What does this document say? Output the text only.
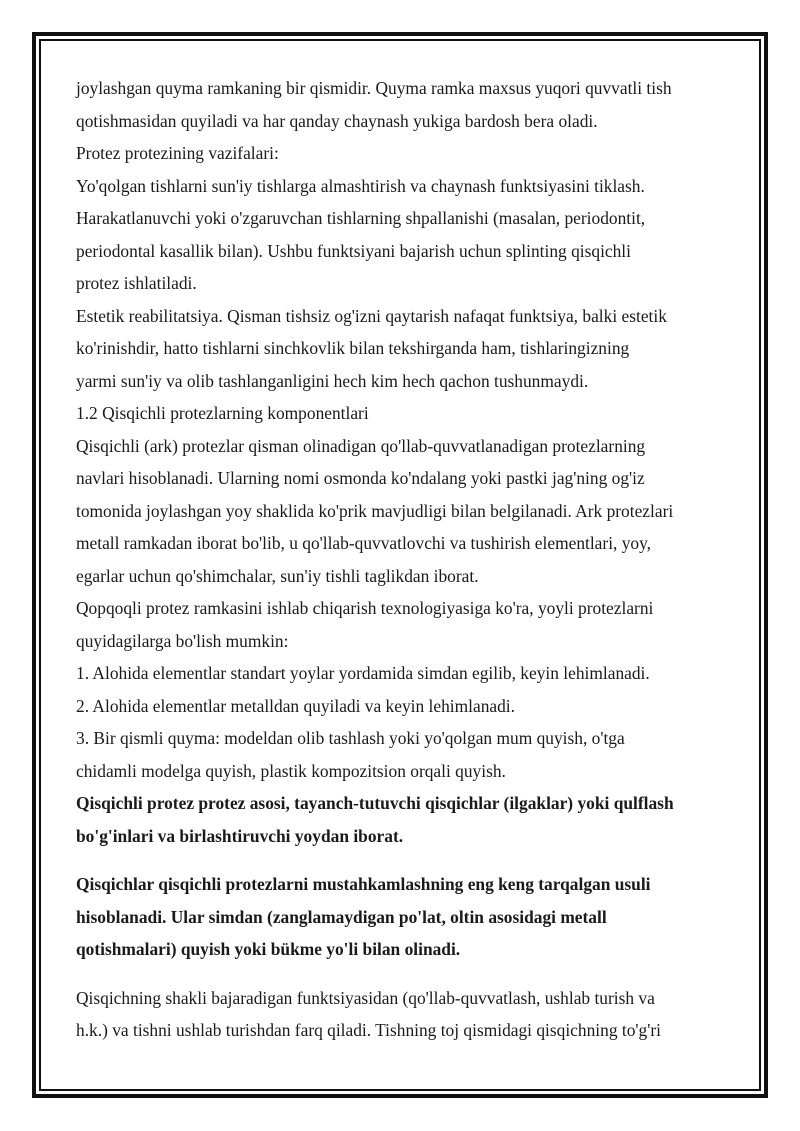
joylashgan quyma ramkaning bir qismidir. Quyma ramka maxsus yuqori quvvatli tish
qotishmasidan quyiladi va har qanday chaynash yukiga bardosh bera oladi.

Protez protezining vazifalari:

Yo'qolgan tishlarni sun'iy tishlarga almashtirish va chaynash funktsiyasini tiklash.

Harakatlanuvchi yoki o'zgaruvchan tishlarning shpallanishi (masalan, periodontit,
periodontal kasallik bilan). Ushbu funktsiyani bajarish uchun splinting qisqichli
protez ishlatiladi.

Estetik reabilitatsiya. Qisman tishsiz og'izni qaytarish nafaqat funktsiya, balki estetik
ko'rinishdir, hatto tishlarni sinchkovlik bilan tekshirganda ham, tishlaringizning
yarmi sun'iy va olib tashlanganligini hech kim hech qachon tushunmaydi.

1.2 Qisqichli protezlarning komponentlari

Qisqichli (ark) protezlar qisman olinadigan qo'llab-quvvatlanadigan protezlarning
navlari hisoblanadi. Ularning nomi osmonda ko'ndalang yoki pastki jag'ning og'iz
tomonida joylashgan yoy shaklida ko'prik mavjudligi bilan belgilanadi. Ark protezlari
metall ramkadan iborat bo'lib, u qo'llab-quvvatlovchi va tushirish elementlari, yoy,
egarlar uchun qo'shimchalar, sun'iy tishli taglikdan iborat.

Qopqoqli protez ramkasini ishlab chiqarish texnologiyasiga ko'ra, yoyli protezlarni
quyidagilarga bo'lish mumkin:

1. Alohida elementlar standart yoylar yordamida simdan egilib, keyin lehimlanadi.

2. Alohida elementlar metalldan quyiladi va keyin lehimlanadi.

3. Bir qismli quyma: modeldan olib tashlash yoki yo'qolgan mum quyish, o'tga
chidamli modelga quyish, plastik kompozitsion orqali quyish.

Qisqichli protez protez asosi, tayanch-tutuvchi qisqichlar (ilgaklar) yoki qulflash
bo'g'inlari va birlashtiruvchi yoydan iborat.

Qisqichlar qisqichli protezlarni mustahkamlashning eng keng tarqalgan usuli
hisoblanadi. Ular simdan (zanglamaydigan po'lat, oltin asosidagi metall
qotishmalari) quyish yoki bükme yo'li bilan olinadi.

Qisqichning shakli bajaradigan funktsiyasidan (qo'llab-quvvatlash, ushlab turish va
h.k.) va tishni ushlab turishdan farq qiladi. Tishning toj qismidagi qisqichning to'g'ri
